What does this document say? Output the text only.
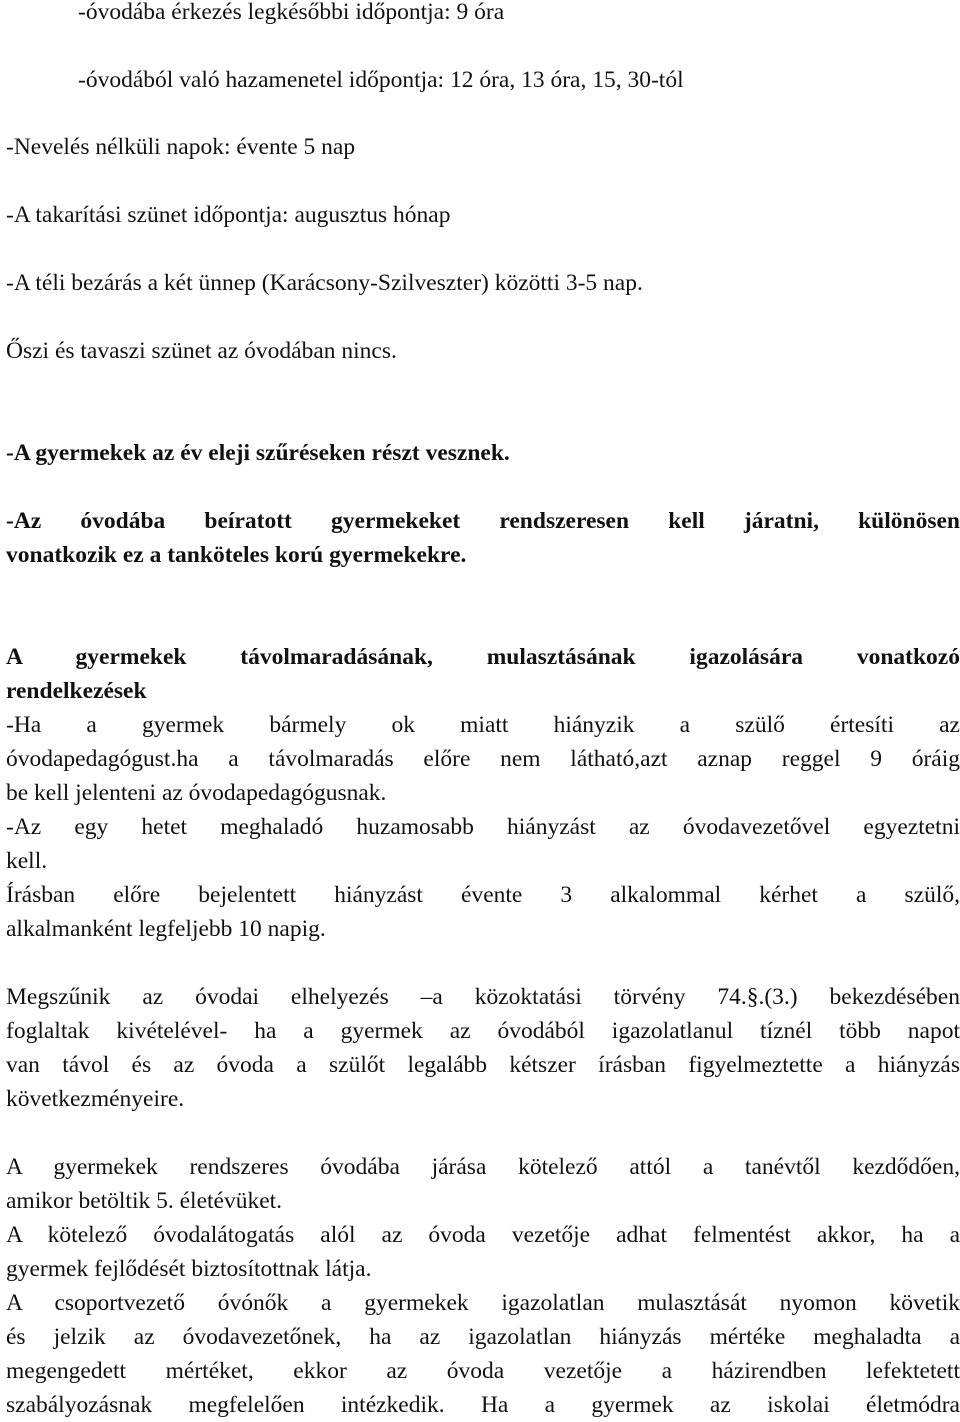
-óvodába érkezés legkésőbbi időpontja: 9 óra
-óvodából való hazamenetel időpontja: 12 óra, 13 óra, 15, 30-tól
-Nevelés nélküli napok: évente 5 nap
-A takarítási szünet időpontja: augusztus hónap
-A téli bezárás a két ünnep (Karácsony-Szilveszter) közötti 3-5 nap.
Őszi és tavaszi szünet az óvodában nincs.
-A gyermekek az év eleji szűréseken részt vesznek.
-Az óvodába beíratott gyermekeket rendszeresen kell járatni, különösen
vonatkozik ez a tanköteles korú gyermekekre.
A gyermekek távolmaradásának, mulasztásának igazolására vonatkozó
rendelkezések
-Ha a gyermek bármely ok miatt hiányzik a szülő értesíti az
óvodapedagógust.ha a távolmaradás előre nem látható,azt aznap reggel 9 óráig
be kell jelenteni az óvodapedagógusnak.
-Az egy hetet meghaladó huzamosabb hiányzást az óvodavezetővel egyeztetni
kell.
Írásban előre bejelentett hiányzást évente 3 alkalommal kérhet a szülő,
alkalmanként legfeljebb 10 napig.
Megszűnik az óvodai elhelyezés –a közoktatási törvény 74.§.(3.) bekezdésében
foglaltak kivételével- ha a gyermek az óvodából igazolatlanul tíznél több napot
van távol és az óvoda a szülőt legalább kétszer írásban figyelmeztette a hiányzás
következményeire.
A gyermekek rendszeres óvodába járása kötelező attól a tanévtől kezdődően,
amikor betöltik 5. életévüket.
A kötelező óvodalátogatás alól az óvoda vezetője adhat felmentést akkor, ha a
gyermek fejlődését biztosítottnak látja.
A csoportvezető óvónők a gyermekek igazolatlan mulasztását nyomon követik
és jelzik az óvodavezetőnek, ha az igazolatlan hiányzás mértéke meghaladta a
megengedett mértéket, ekkor az óvoda vezetője a házirendben lefektetett
szabályozásnak megfelelően intézkedik. Ha a gyermek az iskolai életmódra
